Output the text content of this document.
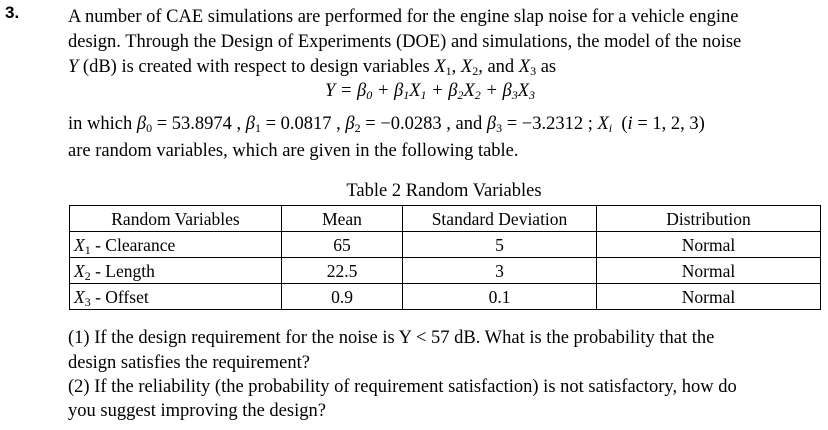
3.	A number of CAE simulations are performed for the engine slap noise for a vehicle engine
design. Through the Design of Experiments (DOE) and simulations, the model of the noise
Y (dB) is created with respect to design variables $X_1$, $X_2$, and $X_3$ as
$Y = \beta_0 + \beta_1X_1 + \beta_2X_2 + \beta_3X_3$
in which $\beta_0 = 53.8974$ , $\beta_1 = 0.0817$ , $\beta_2 = -0.0283$ , and $\beta_3 = -3.2312$ ; $X_i$  (i = 1, 2, 3)
are random variables, which are given in the following table.
Table 2 Random Variables
Random Variables	Mean	Standard Deviation	Distribution
$X_1$ - Clearance	65	5	Normal
$X_2$ - Length	22.5	3	Normal
$X_3$ - Offset	0.9	0.1	Normal
(1) If the design requirement for the noise is Y < 57 dB. What is the probability that the
design satisfies the requirement?
(2) If the reliability (the probability of requirement satisfaction) is not satisfactory, how do
you suggest improving the design?
